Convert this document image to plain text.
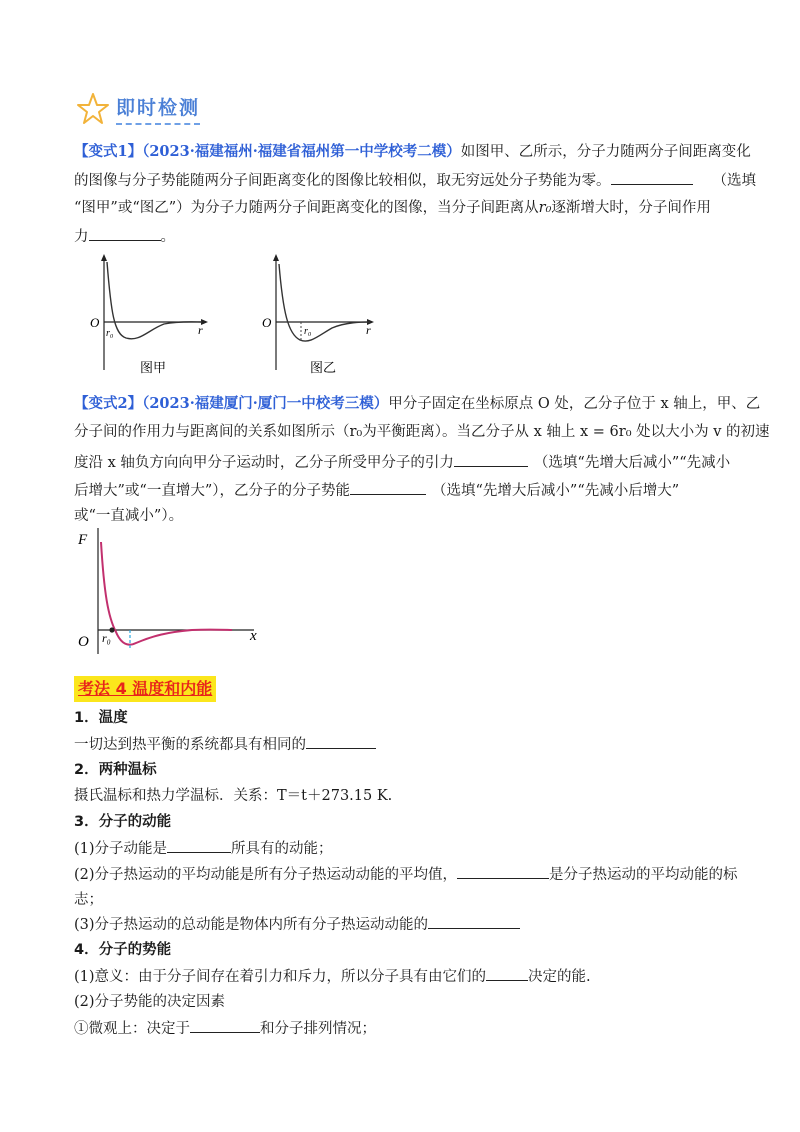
即时检测
【变式1】（2023·福建福州·福建省福州第一中学校考二模）如图甲、乙所示，分子力随两分子间距离变化
的图像与分子势能随两分子间距离变化的图像比较相似，取无穷远处分子势能为零。	（选填
“图甲”或“图乙”）为分子力随两分子间距离变化的图像，当分子间距离从r₀逐渐增大时，分子间作用
力	。
O
r₀	r
图甲
O
r₀	r
图乙
【变式2】（2023·福建厦门·厦门一中校考三模）甲分子固定在坐标原点 O 处，乙分子位于 x 轴上，甲、乙
分子间的作用力与距离间的关系如图所示（r₀为平衡距离）。当乙分子从 x 轴上 x = 6r₀ 处以大小为 v 的初速
度沿 x 轴负方向向甲分子运动时，乙分子所受甲分子的引力	（选填“先增大后减小”“先减小
后增大”或“一直增大”），乙分子的分子势能	（选填“先增大后减小”“先减小后增大”
或“一直减小”）。
F
O r₀	x
考法 4 温度和内能
1．温度
一切达到热平衡的系统都具有相同的
2．两种温标
摄氏温标和热力学温标．关系：T＝t＋273.15 K.
3．分子的动能
(1)分子动能是	所具有的动能；
(2)分子热运动的平均动能是所有分子热运动动能的平均值，	是分子热运动的平均动能的标
志；
(3)分子热运动的总动能是物体内所有分子热运动动能的
4．分子的势能
(1)意义：由于分子间存在着引力和斥力，所以分子具有由它们的	决定的能.
(2)分子势能的决定因素
①微观上：决定于	和分子排列情况；
